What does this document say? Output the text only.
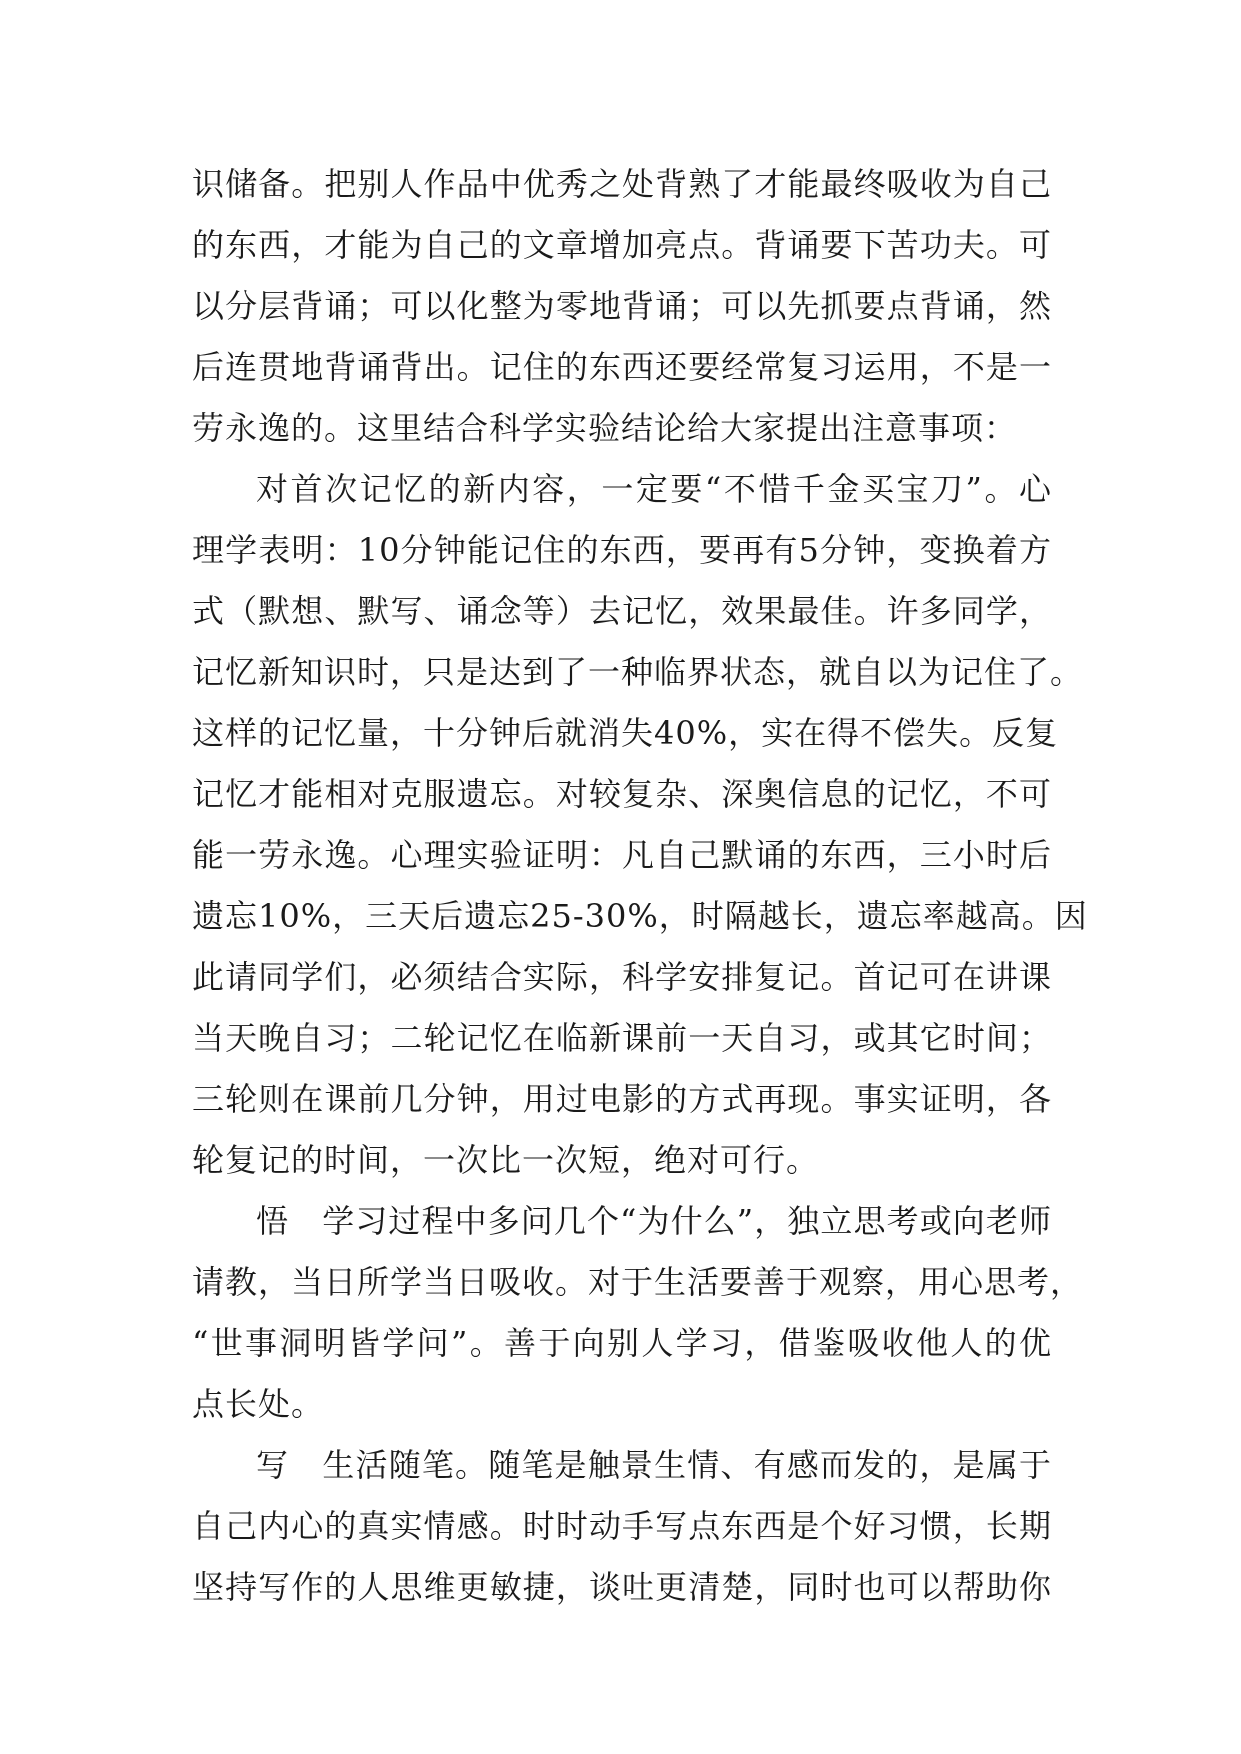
识储备。把别人作品中优秀之处背熟了才能最终吸收为自己
的东西，才能为自己的文章增加亮点。背诵要下苦功夫。可
以分层背诵；可以化整为零地背诵；可以先抓要点背诵，然
后连贯地背诵背出。记住的东西还要经常复习运用，不是一
劳永逸的。这里结合科学实验结论给大家提出注意事项：
对首次记忆的新内容，一定要“不惜千金买宝刀”。心
理学表明：10分钟能记住的东西，要再有5分钟，变换着方
式（默想、默写、诵念等）去记忆，效果最佳。许多同学，
记忆新知识时，只是达到了一种临界状态，就自以为记住了。
这样的记忆量，十分钟后就消失40%，实在得不偿失。反复
记忆才能相对克服遗忘。对较复杂、深奥信息的记忆，不可
能一劳永逸。心理实验证明：凡自己默诵的东西，三小时后
遗忘10%，三天后遗忘25-30%，时隔越长，遗忘率越高。因
此请同学们，必须结合实际，科学安排复记。首记可在讲课
当天晚自习；二轮记忆在临新课前一天自习，或其它时间；
三轮则在课前几分钟，用过电影的方式再现。事实证明，各
轮复记的时间，一次比一次短，绝对可行。
悟　学习过程中多问几个“为什么”，独立思考或向老师
请教，当日所学当日吸收。对于生活要善于观察，用心思考，
“世事洞明皆学问”。善于向别人学习，借鉴吸收他人的优
点长处。
写　生活随笔。随笔是触景生情、有感而发的，是属于
自己内心的真实情感。时时动手写点东西是个好习惯，长期
坚持写作的人思维更敏捷，谈吐更清楚，同时也可以帮助你
